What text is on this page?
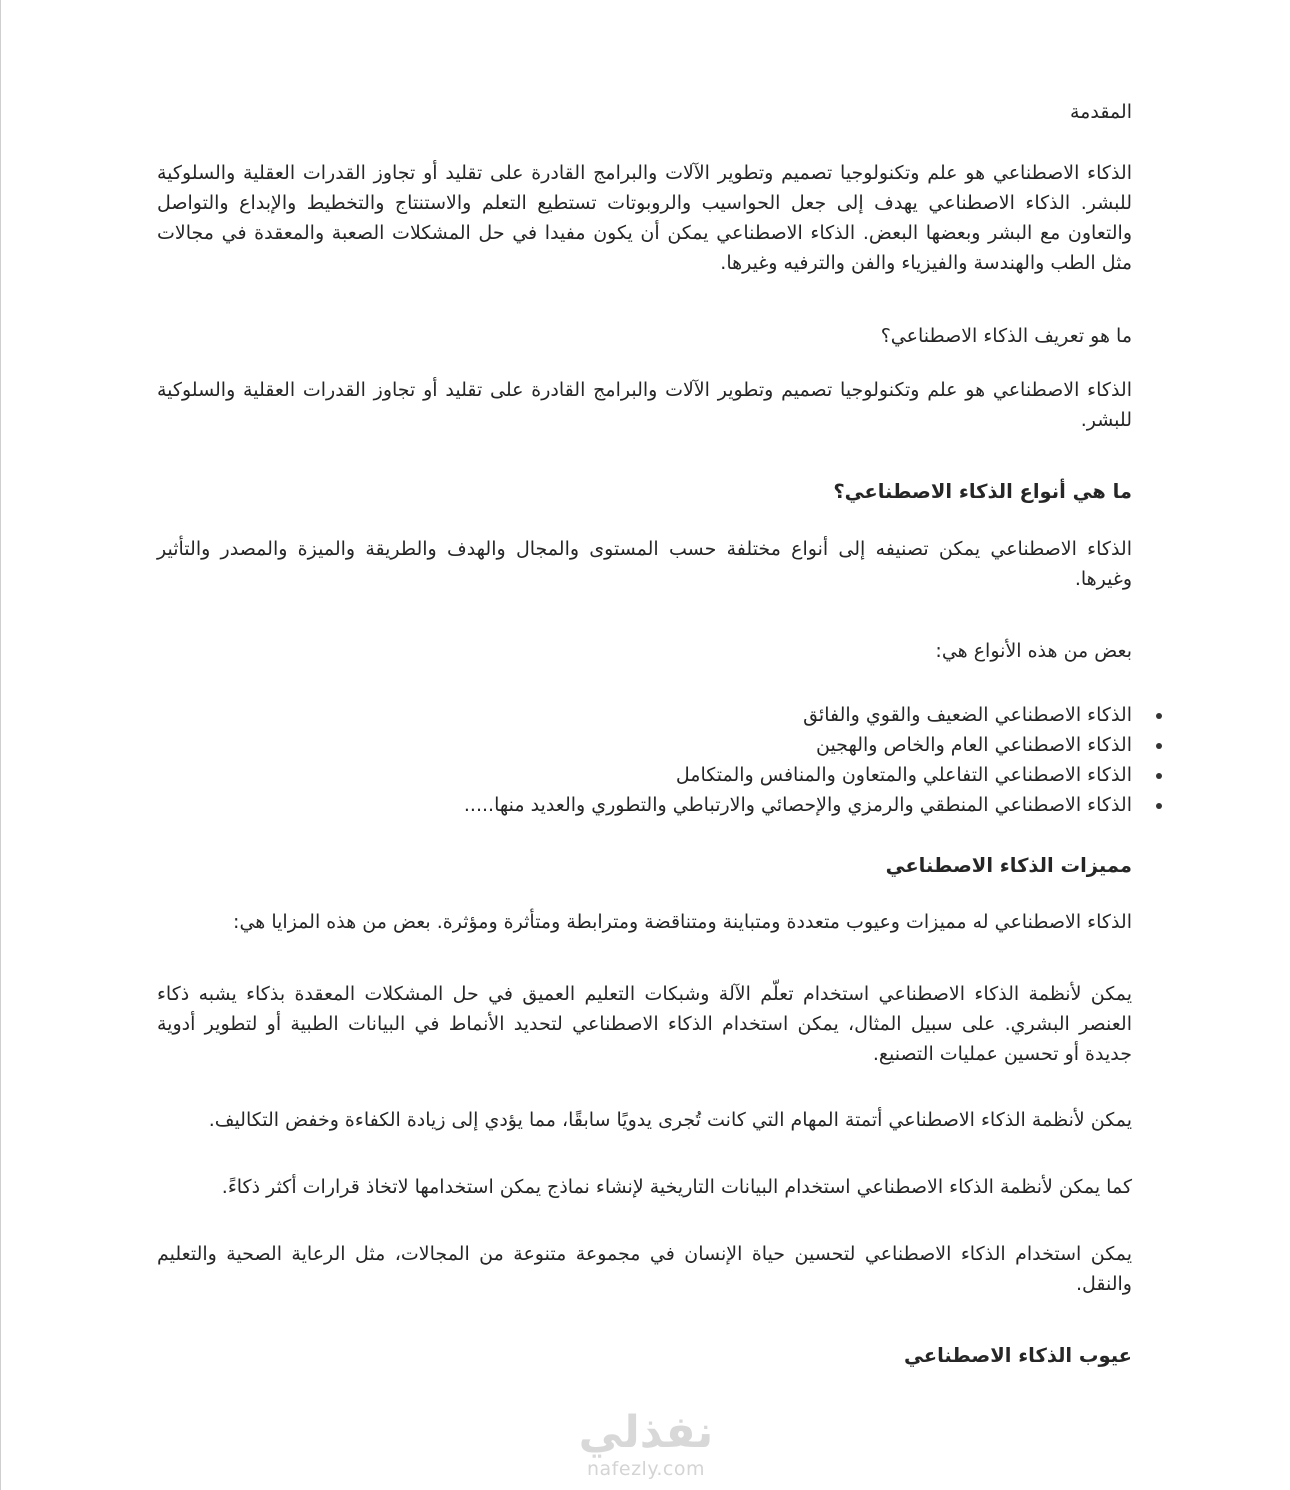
المقدمة

الذكاء الاصطناعي هو علم وتكنولوجيا تصميم وتطوير الآلات والبرامج القادرة على تقليد أو تجاوز القدرات العقلية والسلوكية للبشر. الذكاء الاصطناعي يهدف إلى جعل الحواسيب والروبوتات تستطيع التعلم والاستنتاج والتخطيط والإبداع والتواصل والتعاون مع البشر وبعضها البعض. الذكاء الاصطناعي يمكن أن يكون مفيدا في حل المشكلات الصعبة والمعقدة في مجالات مثل الطب والهندسة والفيزياء والفن والترفيه وغيرها.

ما هو تعريف الذكاء الاصطناعي؟

الذكاء الاصطناعي هو علم وتكنولوجيا تصميم وتطوير الآلات والبرامج القادرة على تقليد أو تجاوز القدرات العقلية والسلوكية للبشر.

ما هي أنواع الذكاء الاصطناعي؟

الذكاء الاصطناعي يمكن تصنيفه إلى أنواع مختلفة حسب المستوى والمجال والهدف والطريقة والميزة والمصدر والتأثير وغيرها.

بعض من هذه الأنواع هي:

الذكاء الاصطناعي الضعيف والقوي والفائق
الذكاء الاصطناعي العام والخاص والهجين
الذكاء الاصطناعي التفاعلي والمتعاون والمنافس والمتكامل
الذكاء الاصطناعي المنطقي والرمزي والإحصائي والارتباطي والتطوري والعديد منها.....

مميزات الذكاء الاصطناعي

الذكاء الاصطناعي له مميزات وعيوب متعددة ومتباينة ومتناقضة ومترابطة ومتأثرة ومؤثرة. بعض من هذه المزايا هي:

يمكن لأنظمة الذكاء الاصطناعي استخدام تعلّم الآلة وشبكات التعليم العميق في حل المشكلات المعقدة بذكاء يشبه ذكاء العنصر البشري. على سبيل المثال، يمكن استخدام الذكاء الاصطناعي لتحديد الأنماط في البيانات الطبية أو لتطوير أدوية جديدة أو تحسين عمليات التصنيع.

يمكن لأنظمة الذكاء الاصطناعي أتمتة المهام التي كانت تُجرى يدويًا سابقًا، مما يؤدي إلى زيادة الكفاءة وخفض التكاليف.

كما يمكن لأنظمة الذكاء الاصطناعي استخدام البيانات التاريخية لإنشاء نماذج يمكن استخدامها لاتخاذ قرارات أكثر ذكاءً.

يمكن استخدام الذكاء الاصطناعي لتحسين حياة الإنسان في مجموعة متنوعة من المجالات، مثل الرعاية الصحية والتعليم والنقل.

عيوب الذكاء الاصطناعي

نفذلي
nafezly.com
